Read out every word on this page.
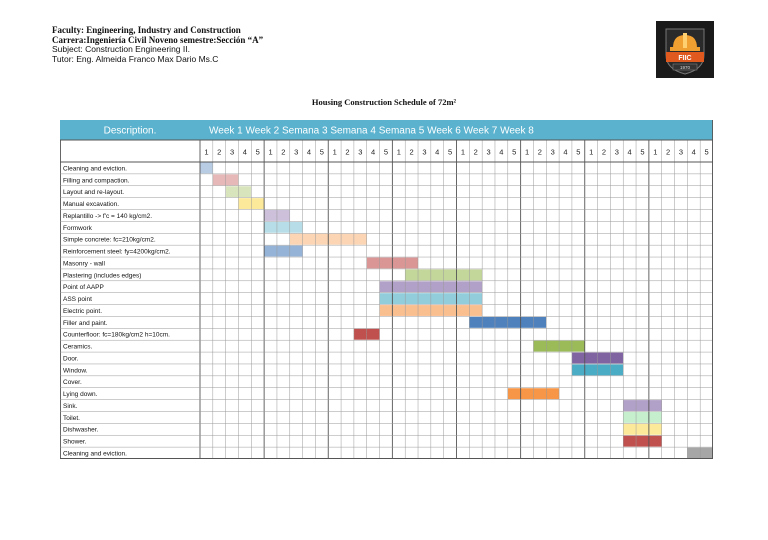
Faculty: Engineering, Industry and Construction
Carrera:Ingeniería Civil Noveno semestre:Sección “A”
Subject: Construction Engineering II.
Tutor: Eng. Almeida Franco Max Dario Ms.C	FIIC
1970
Housing Construction Schedule of 72m²
Description.	Week 1 Week 2 Semana 3 Semana 4 Semana 5 Week 6 Week 7 Week 8
1 2 3 4 5 1 2 3 4 5 1 2 3 4 5 1 2 3 4 5 1 2 3 4 5 1 2 3 4 5 1 2 3 4 5 1 2 3 4 5
Cleaning and eviction.
Filling and compaction.
Layout and re-layout.
Manual excavation.
Replantillo -> f'c = 140 kg/cm2.
Formwork
Simple concrete: fc=210kg/cm2.
Reinforcement steel: fy=4200kg/cm2.
Masonry - wall
Plastering (includes edges)
Point of AAPP
ASS point
Electric point.
Filler and paint.
Counterfloor: fc=180kg/cm2 h=10cm.
Ceramics.
Door.
Window.
Cover.
Lying down.
Sink.
Toilet.
Dishwasher.
Shower.
Cleaning and eviction.
